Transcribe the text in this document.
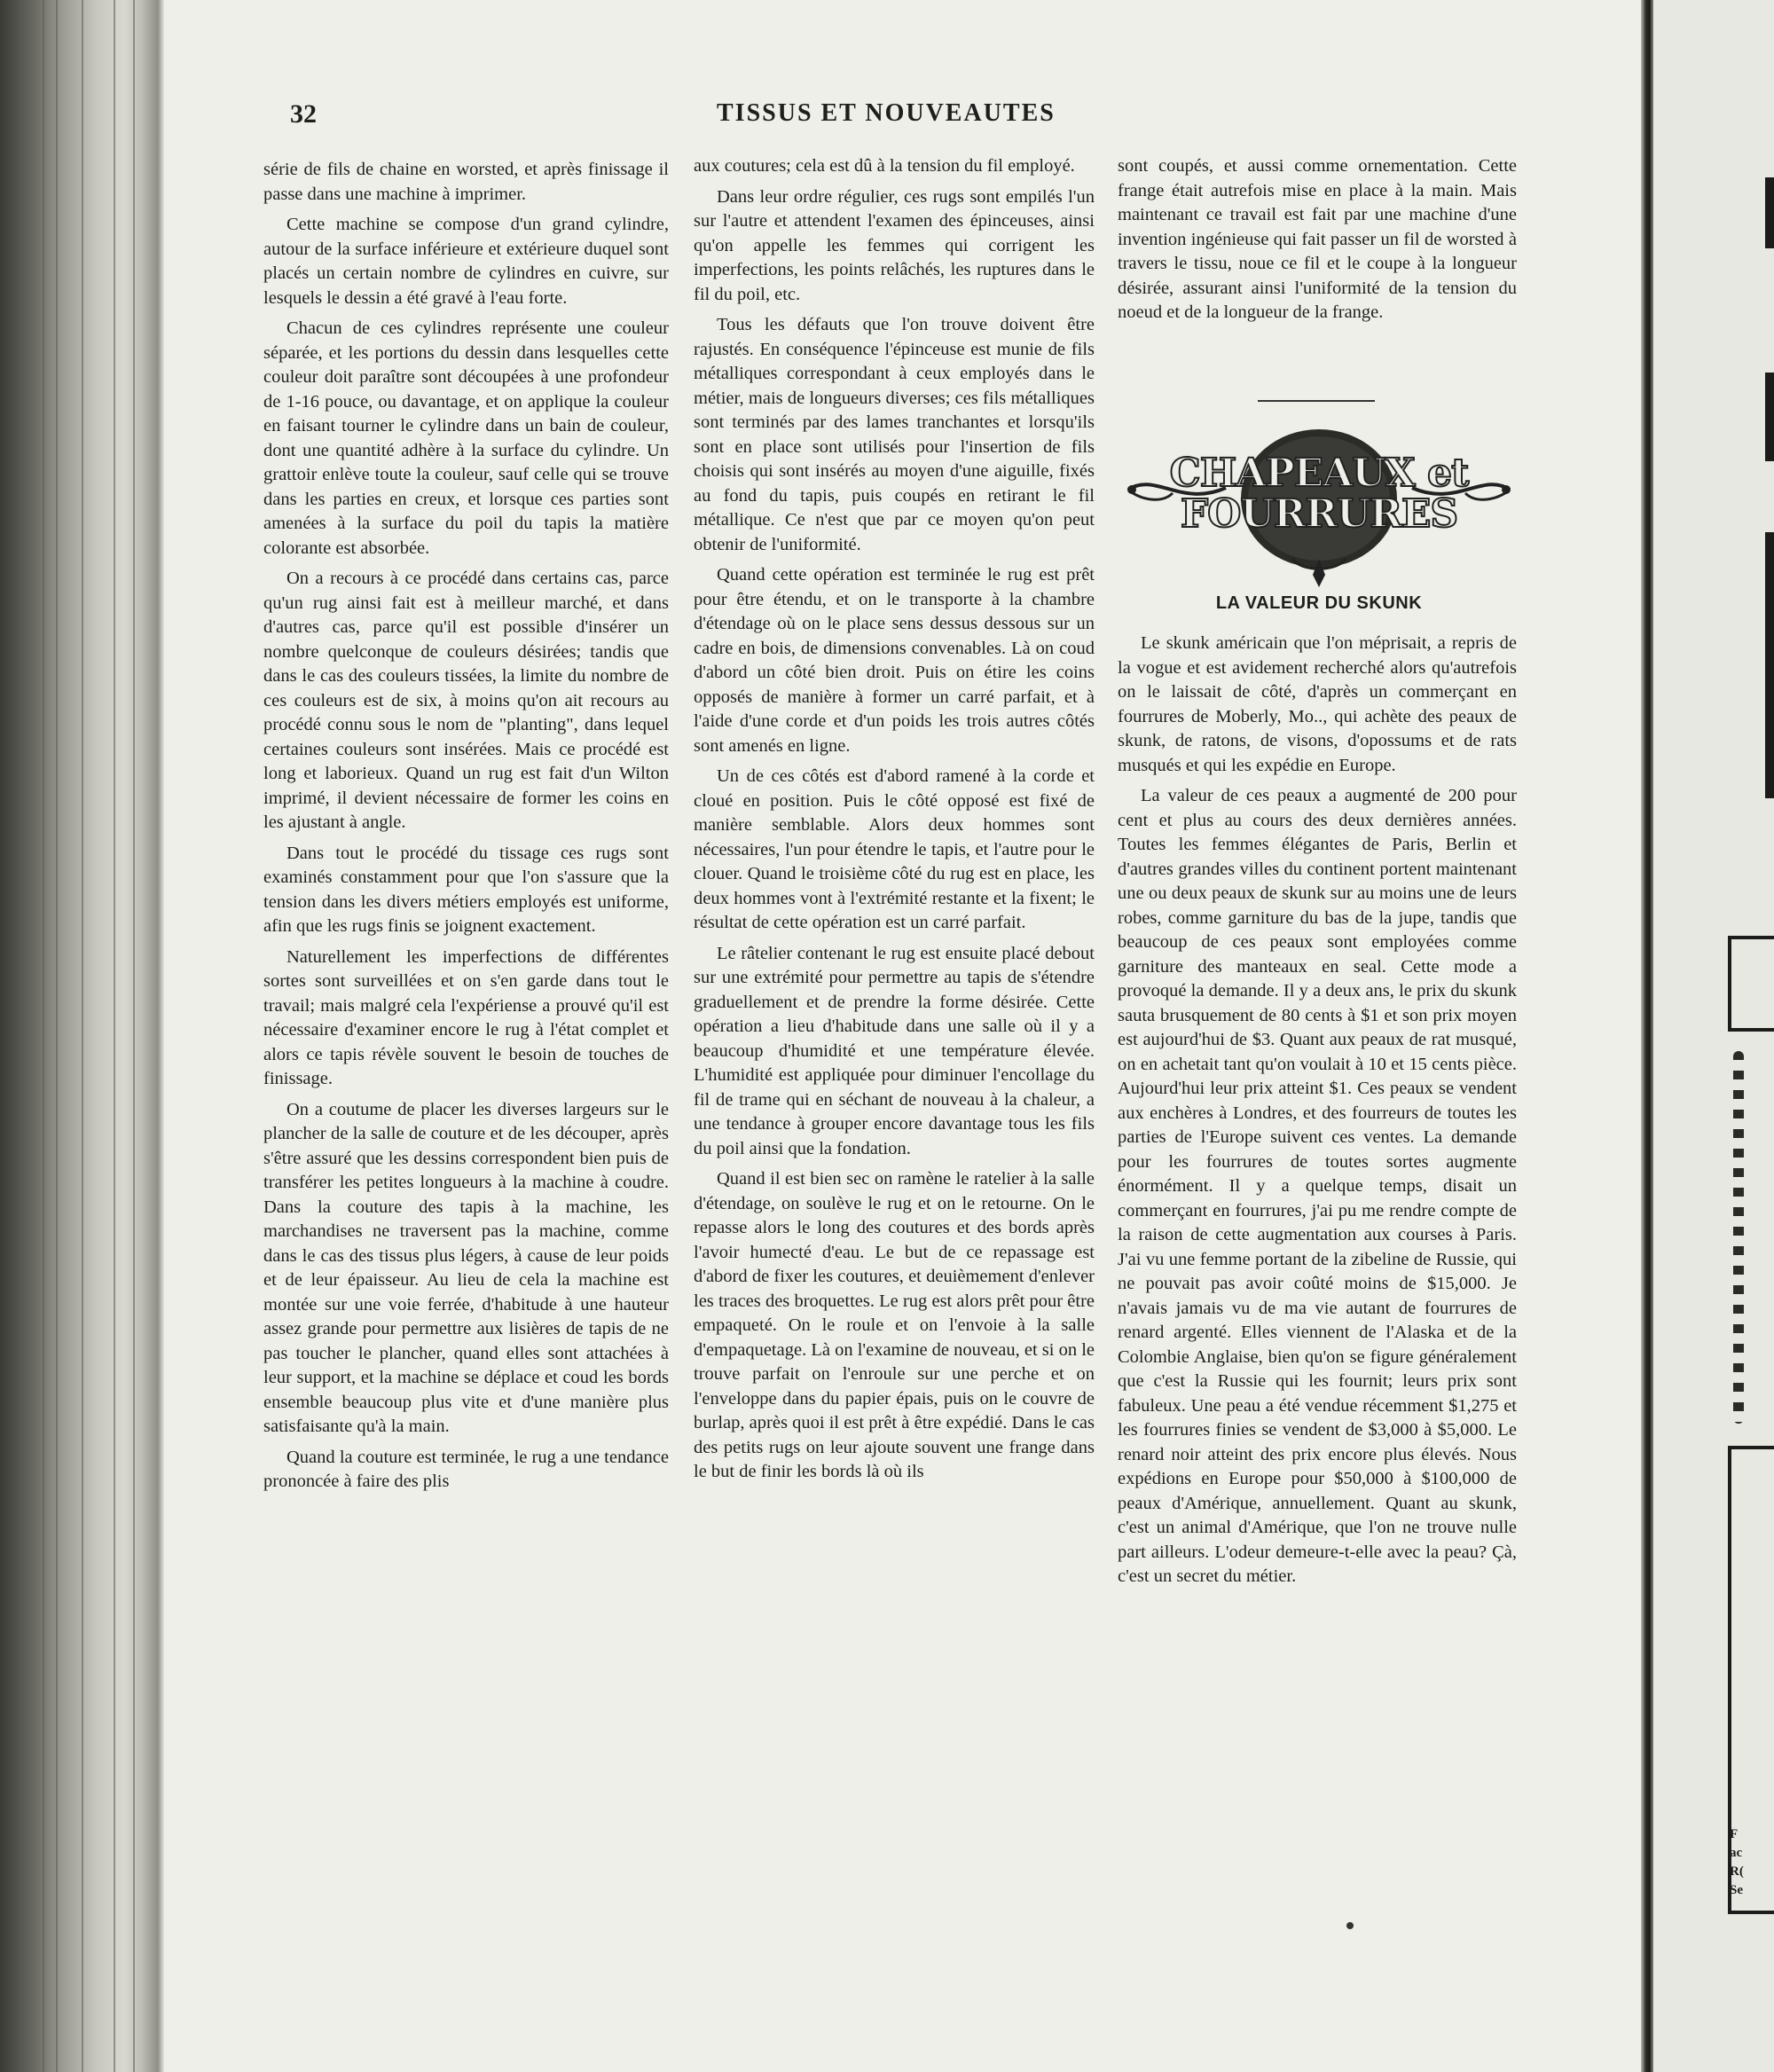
32	TISSUS ET NOUVEAUTES

série de fils de chaine en worsted, et après finissage il passe dans une machine à imprimer.

Cette machine se compose d'un grand cylindre, autour de la surface inférieure et extérieure duquel sont placés un certain nombre de cylindres en cuivre, sur lesquels le dessin a été gravé à l'eau forte.

Chacun de ces cylindres représente une couleur séparée, et les portions du dessin dans lesquelles cette couleur doit paraître sont découpées à une profondeur de 1-16 pouce, ou davantage, et on applique la couleur en faisant tourner le cylindre dans un bain de couleur, dont une quantité adhère à la surface du cylindre. Un grattoir enlève toute la couleur, sauf celle qui se trouve dans les parties en creux, et lorsque ces parties sont amenées à la surface du poil du tapis la matière colorante est absorbée.

On a recours à ce procédé dans certains cas, parce qu'un rug ainsi fait est à meilleur marché, et dans d'autres cas, parce qu'il est possible d'insérer un nombre quelconque de couleurs désirées; tandis que dans le cas des couleurs tissées, la limite du nombre de ces couleurs est de six, à moins qu'on ait recours au procédé connu sous le nom de "planting", dans lequel certaines couleurs sont insérées. Mais ce procédé est long et laborieux. Quand un rug est fait d'un Wilton imprimé, il devient nécessaire de former les coins en les ajustant à angle.

Dans tout le procédé du tissage ces rugs sont examinés constamment pour que l'on s'assure que la tension dans les divers métiers employés est uniforme, afin que les rugs finis se joignent exactement.

Naturellement les imperfections de différentes sortes sont surveillées et on s'en garde dans tout le travail; mais malgré cela l'expériense a prouvé qu'il est nécessaire d'examiner encore le rug à l'état complet et alors ce tapis révèle souvent le besoin de touches de finissage.

On a coutume de placer les diverses largeurs sur le plancher de la salle de couture et de les découper, après s'être assuré que les dessins correspondent bien puis de transférer les petites longueurs à la machine à coudre. Dans la couture des tapis à la machine, les marchandises ne traversent pas la machine, comme dans le cas des tissus plus légers, à cause de leur poids et de leur épaisseur. Au lieu de cela la machine est montée sur une voie ferrée, d'habitude à une hauteur assez grande pour permettre aux lisières de tapis de ne pas toucher le plancher, quand elles sont attachées à leur support, et la machine se déplace et coud les bords ensemble beaucoup plus vite et d'une manière plus satisfaisante qu'à la main.

Quand la couture est terminée, le rug a une tendance prononcée à faire des plis

aux coutures; cela est dû à la tension du fil employé.

Dans leur ordre régulier, ces rugs sont empilés l'un sur l'autre et attendent l'examen des épinceuses, ainsi qu'on appelle les femmes qui corrigent les imperfections, les points relâchés, les ruptures dans le fil du poil, etc.

Tous les défauts que l'on trouve doivent être rajustés. En conséquence l'épinceuse est munie de fils métalliques correspondant à ceux employés dans le métier, mais de longueurs diverses; ces fils métalliques sont terminés par des lames tranchantes et lorsqu'ils sont en place sont utilisés pour l'insertion de fils choisis qui sont insérés au moyen d'une aiguille, fixés au fond du tapis, puis coupés en retirant le fil métallique. Ce n'est que par ce moyen qu'on peut obtenir de l'uniformité.

Quand cette opération est terminée le rug est prêt pour être étendu, et on le transporte à la chambre d'étendage où on le place sens dessus dessous sur un cadre en bois, de dimensions convenables. Là on coud d'abord un côté bien droit. Puis on étire les coins opposés de manière à former un carré parfait, et à l'aide d'une corde et d'un poids les trois autres côtés sont amenés en ligne.

Un de ces côtés est d'abord ramené à la corde et cloué en position. Puis le côté opposé est fixé de manière semblable. Alors deux hommes sont nécessaires, l'un pour étendre le tapis, et l'autre pour le clouer. Quand le troisième côté du rug est en place, les deux hommes vont à l'extrémité restante et la fixent; le résultat de cette opération est un carré parfait.

Le râtelier contenant le rug est ensuite placé debout sur une extrémité pour permettre au tapis de s'étendre graduellement et de prendre la forme désirée. Cette opération a lieu d'habitude dans une salle où il y a beaucoup d'humidité et une température élevée. L'humidité est appliquée pour diminuer l'encollage du fil de trame qui en séchant de nouveau à la chaleur, a une tendance à grouper encore davantage tous les fils du poil ainsi que la fondation.

Quand il est bien sec on ramène le ratelier à la salle d'étendage, on soulève le rug et on le retourne. On le repasse alors le long des coutures et des bords après l'avoir humecté d'eau. Le but de ce repassage est d'abord de fixer les coutures, et deuièmement d'enlever les traces des broquettes. Le rug est alors prêt pour être empaqueté. On le roule et on l'envoie à la salle d'empaquetage. Là on l'examine de nouveau, et si on le trouve parfait on l'enroule sur une perche et on l'enveloppe dans du papier épais, puis on le couvre de burlap, après quoi il est prêt à être expédié. Dans le cas des petits rugs on leur ajoute souvent une frange dans le but de finir les bords là où ils

sont coupés, et aussi comme ornementation. Cette frange était autrefois mise en place à la main. Mais maintenant ce travail est fait par une machine d'une invention ingénieuse qui fait passer un fil de worsted à travers le tissu, noue ce fil et le coupe à la longueur désirée, assurant ainsi l'uniformité de la tension du noeud et de la longueur de la frange.

CHAPEAUX et
FOURRURES
LA VALEUR DU SKUNK

Le skunk américain que l'on méprisait, a repris de la vogue et est avidement recherché alors qu'autrefois on le laissait de côté, d'après un commerçant en fourrures de Moberly, Mo.., qui achète des peaux de skunk, de ratons, de visons, d'opossums et de rats musqués et qui les expédie en Europe.

La valeur de ces peaux a augmenté de 200 pour cent et plus au cours des deux dernières années. Toutes les femmes élégantes de Paris, Berlin et d'autres grandes villes du continent portent maintenant une ou deux peaux de skunk sur au moins une de leurs robes, comme garniture du bas de la jupe, tandis que beaucoup de ces peaux sont employées comme garniture des manteaux en seal. Cette mode a provoqué la demande. Il y a deux ans, le prix du skunk sauta brusquement de 80 cents à $1 et son prix moyen est aujourd'hui de $3. Quant aux peaux de rat musqué, on en achetait tant qu'on voulait à 10 et 15 cents pièce. Aujourd'hui leur prix atteint $1. Ces peaux se vendent aux enchères à Londres, et des fourreurs de toutes les parties de l'Europe suivent ces ventes. La demande pour les fourrures de toutes sortes augmente énormément. Il y a quelque temps, disait un commerçant en fourrures, j'ai pu me rendre compte de la raison de cette augmentation aux courses à Paris. J'ai vu une femme portant de la zibeline de Russie, qui ne pouvait pas avoir coûté moins de $15,000. Je n'avais jamais vu de ma vie autant de fourrures de renard argenté. Elles viennent de l'Alaska et de la Colombie Anglaise, bien qu'on se figure généralement que c'est la Russie qui les fournit; leurs prix sont fabuleux. Une peau a été vendue récemment $1,275 et les fourrures finies se vendent de $3,000 à $5,000. Le renard noir atteint des prix encore plus élevés. Nous expédions en Europe pour $50,000 à $100,000 de peaux d'Amérique, annuellement. Quant au skunk, c'est un animal d'Amérique, que l'on ne trouve nulle part ailleurs. L'odeur demeure-t-elle avec la peau? Çà, c'est un secret du métier.

F
ac
R(
Se
